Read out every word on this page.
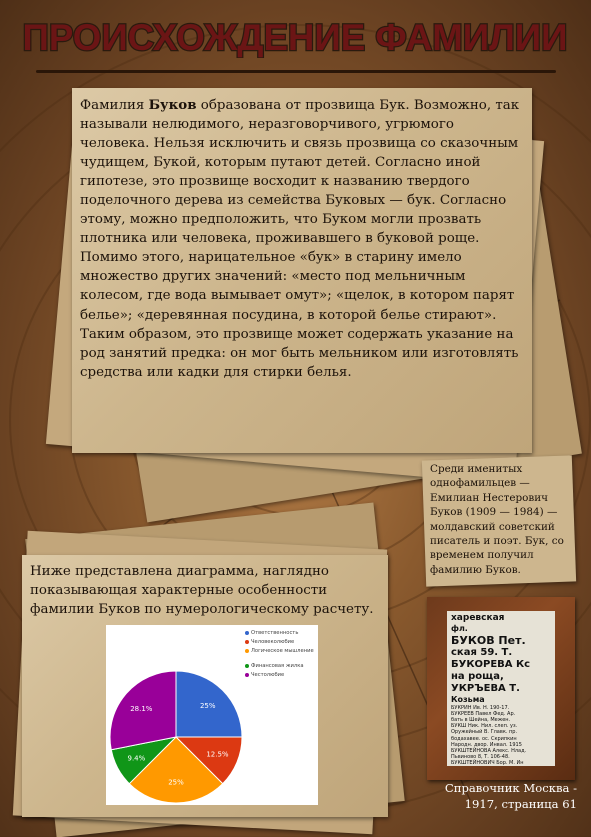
ПРОИСХОЖДЕНИЕ ФАМИЛИИ

Фамилия Буков образована от прозвища Бук. Возможно, так называли нелюдимого, неразговорчивого, угрюмого человека. Нельзя исключить и связь прозвища со сказочным чудищем, Букой, которым путают детей. Согласно иной гипотезе, это прозвище восходит к названию твердого поделочного дерева из семейства Буковых — бук. Согласно этому, можно предположить, что Буком могли прозвать плотника или человека, проживавшего в буковой роще.
Помимо этого, нарицательное «бук» в старину имело множество других значений: «место под мельничным колесом, где вода вымывает омут»; «щелок, в котором парят белье»; «деревянная посудина, в которой белье стирают». Таким образом, это прозвище может содержать указание на род занятий предка: он мог быть мельником или изготовлять средства или кадки для стирки белья.

Среди именитых однофамильцев — Емилиан Нестерович Буков (1909 — 1984) — молдавский советский писатель и поэт. Бук, со временем получил фамилию Буков.

Ниже представлена диаграмма, наглядно показывающая характерные особенности фамилии Буков по нумерологическому расчету.

25%
12.5%
25%
9.4%
28.1%
Ответственность
Человеколюбие
Логическое мышление
Финансовая жилка
Честолюбие
харевская
фл.
БУКОВ Пет.
ская 59. Т.
БУКОРЕВА Кс
на роща,
УКРЪЕВА Т.
Козьма
БУКРИН Ив. Н. 190-17.
БУКРЕЕВ Павел Фед. Ар.
бать в Шейна, Межен.
БУКШ Ник. Нил. слеп. уз.
Оружейный В. Главк. пр.
бодахавее. ос. Скрипкин
Народн. двор. Инвал. 1915
БУКШТЕЙНОВА Алекс. Нлад.
Пьвиново 8, Т. 106-48.
БУКШТЕЙНОВИЧ Бор. М. Ин

Справочник Москва -
1917, страница 61
